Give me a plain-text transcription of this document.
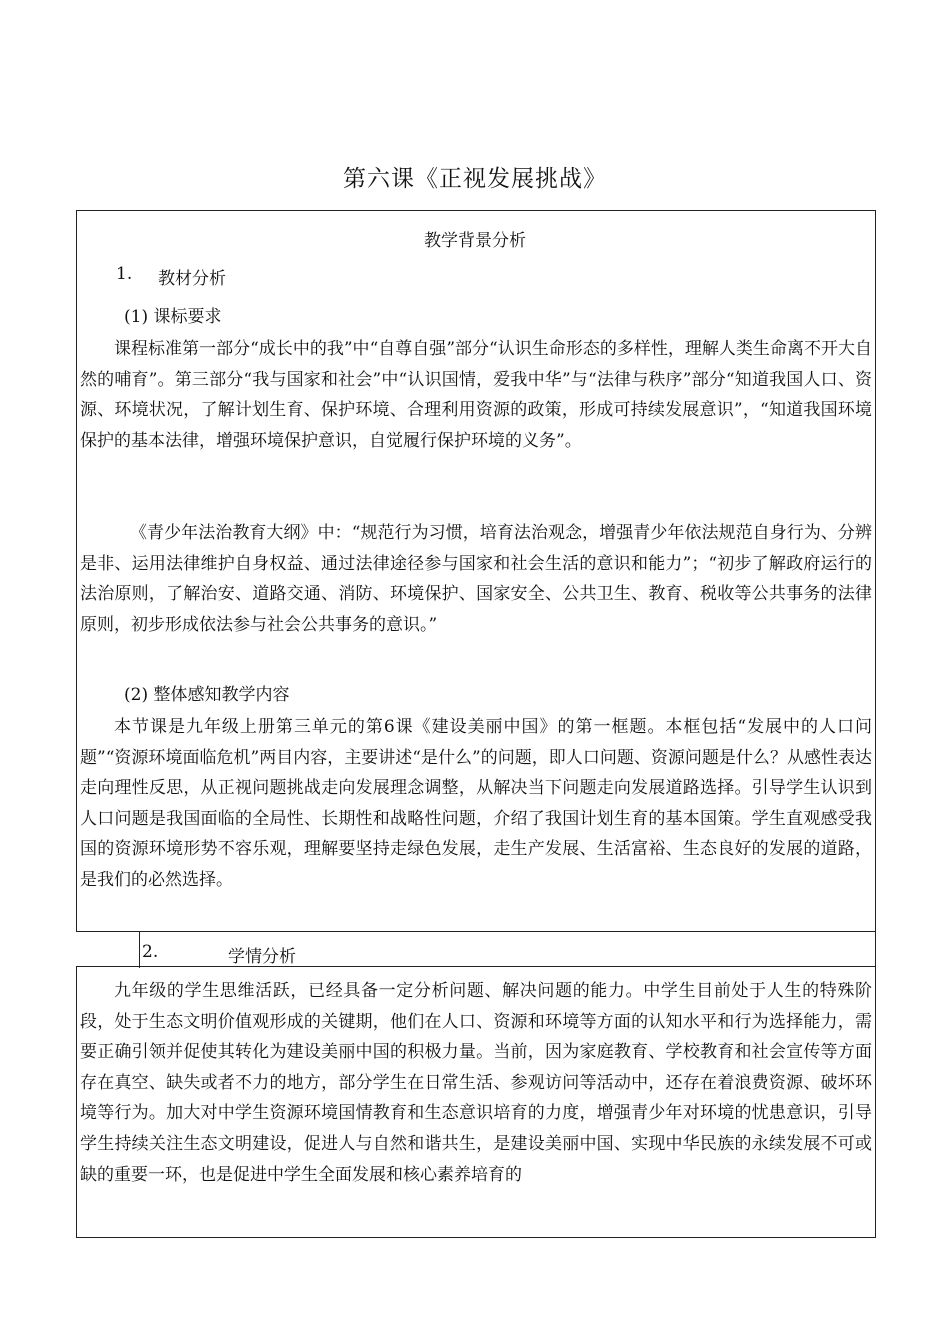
第六课《正视发展挑战》
教学背景分析
1. 教材分析
(1) 课标要求
课程标准第一部分“成长中的我”中“自尊自强”部分“认识生命形态的多样性，理解人类生命离不开大自然的哺育”。第三部分“我与国家和社会”中“认识国情，爱我中华”与“法律与秩序”部分“知道我国人口、资源、环境状况，了解计划生育、保护环境、合理利用资源的政策，形成可持续发展意识”，“知道我国环境保护的基本法律，增强环境保护意识，自觉履行保护环境的义务”。
《青少年法治教育大纲》中：“规范行为习惯，培育法治观念，增强青少年依法规范自身行为、分辨是非、运用法律维护自身权益、通过法律途径参与国家和社会生活的意识和能力”；“初步了解政府运行的法治原则，了解治安、道路交通、消防、环境保护、国家安全、公共卫生、教育、税收等公共事务的法律原则，初步形成依法参与社会公共事务的意识。”
(2) 整体感知教学内容
本节课是九年级上册第三单元的第6课《建设美丽中国》的第一框题。本框包括“发展中的人口问题”“资源环境面临危机”两目内容，主要讲述“是什么”的问题，即人口问题、资源问题是什么？从感性表达走向理性反思，从正视问题挑战走向发展理念调整，从解决当下问题走向发展道路选择。引导学生认识到人口问题是我国面临的全局性、长期性和战略性问题，介绍了我国计划生育的基本国策。学生直观感受我国的资源环境形势不容乐观，理解要坚持走绿色发展，走生产发展、生活富裕、生态良好的发展的道路，是我们的必然选择。
2.	学情分析
九年级的学生思维活跃，已经具备一定分析问题、解决问题的能力。中学生目前处于人生的特殊阶段，处于生态文明价值观形成的关键期，他们在人口、资源和环境等方面的认知水平和行为选择能力，需要正确引领并促使其转化为建设美丽中国的积极力量。当前，因为家庭教育、学校教育和社会宣传等方面存在真空、缺失或者不力的地方，部分学生在日常生活、参观访问等活动中，还存在着浪费资源、破坏环境等行为。加大对中学生资源环境国情教育和生态意识培育的力度，增强青少年对环境的忧患意识，引导学生持续关注生态文明建设，促进人与自然和谐共生，是建设美丽中国、实现中华民族的永续发展不可或缺的重要一环，也是促进中学生全面发展和核心素养培育的
